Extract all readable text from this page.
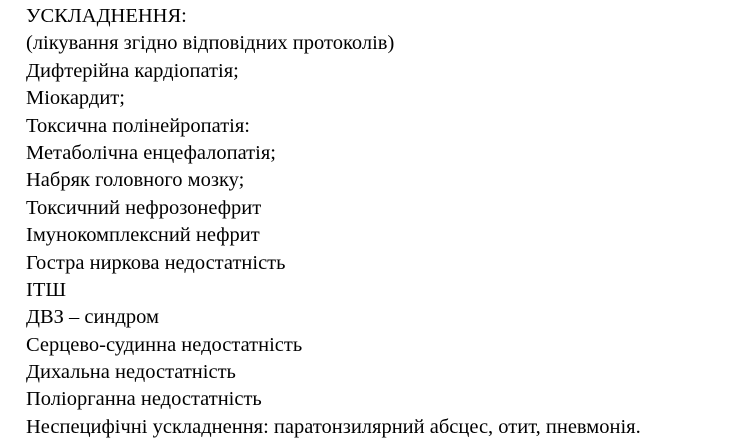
УСКЛАДНЕННЯ:
(лікування згідно відповідних протоколів)
Дифтерійна кардіопатія;
Міокардит;
Токсична полінейропатія:
Метаболічна енцефалопатія;
Набряк головного мозку;
Токсичний нефрозонефрит
Імунокомплексний нефрит
Гостра ниркова недостатність
ІТШ
ДВЗ – синдром
Серцево-судинна недостатність
Дихальна недостатність
Поліорганна недостатність
Неспецифічні ускладнення: паратонзилярний абсцес, отит, пневмонія.
